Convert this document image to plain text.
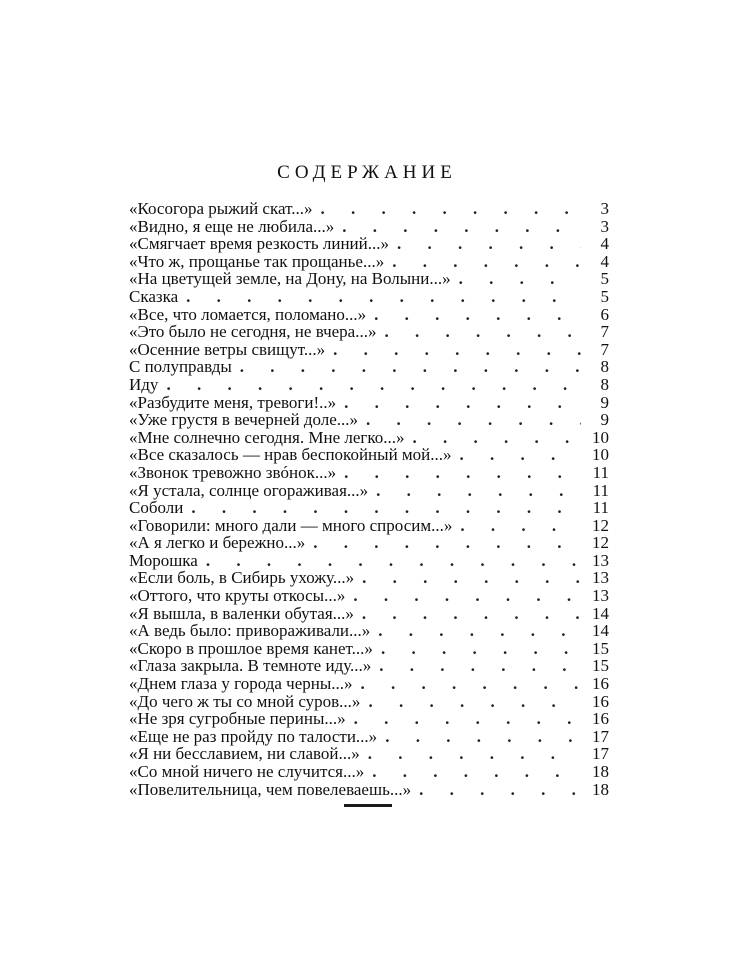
СОДЕРЖАНИЕ
«Косогора рыжий скат...» . . .	3
«Видно, я еще не любила...» . . .	3
«Смягчает время резкость линий...» . . .	4
«Что ж, прощанье так прощанье...» . . .	4
«На цветущей земле, на Дону, на Волыни...» . . .	5
Сказка . . .	5
«Все, что ломается, поломано...» . . .	6
«Это было не сегодня, не вчера...» . . .	7
«Осенние ветры свищут...» . . .	7
С полуправды . . .	8
Иду . . .	8
«Разбудите меня, тревоги!..» . . .	9
«Уже грустя в вечерней доле...» . . .	9
«Мне солнечно сегодня. Мне легко...» . . .	10
«Все сказалось — нрав беспокойный мой...» . . .	10
«Звонок тревожно звóнок...» . . .	11
«Я устала, солнце огораживая...» . . .	11
Соболи . . .	11
«Говорили: много дали — много спросим...» . . .	12
«А я легко и бережно...» . . .	12
Морошка . . .	13
«Если боль, в Сибирь ухожу...» . . .	13
«Оттого, что круты откосы...» . . .	13
«Я вышла, в валенки обутая...» . . .	14
«А ведь было: привораживали...» . . .	14
«Скоро в прошлое время канет...» . . .	15
«Глаза закрыла. В темноте иду...» . . .	15
«Днем глаза у города черны...» . . .	16
«До чего ж ты со мной суров...» . . .	16
«Не зря сугробные перины...» . . .	16
«Еще не раз пройду по талости...» . . .	17
«Я ни бесславием, ни славой...» . . .	17
«Со мной ничего не случится...» . . .	18
«Повелительница, чем повелеваешь...» . . .	18
